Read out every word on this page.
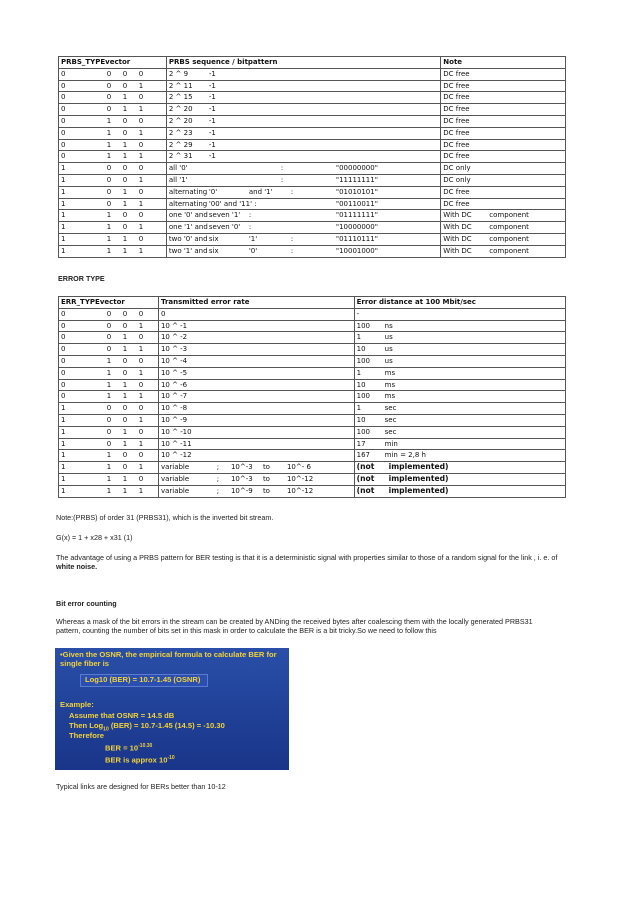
PRBS_TYPEvector	PRBS sequence / bitpattern	Note

0 0 0 0	2 ^ 9 -1	DC free

0 0 0 1	2 ^ 11 -1	DC free

0 0 1 0	2 ^ 15 -1	DC free

0 0 1 1	2 ^ 20 -1	DC free

0 1 0 0	2 ^ 20 -1	DC free

0 1 0 1	2 ^ 23 -1	DC free

0 1 1 0	2 ^ 29 -1	DC free

0 1 1 1	2 ^ 31 -1	DC free

1 0 0 0	all '0' : "00000000"	DC only

1 0 0 1	all '1' : "11111111"	DC only

1 0 1 0	alternating '0' and '1' : "01010101"	DC free

1 0 1 1	alternating '00' and '11' : "00110011"	DC free

1 1 0 0	one '0' and seven '1' : "01111111"	With DC component

1 1 0 1	one '1' and seven '0' : "10000000"	With DC component

1 1 1 0	two '0' and six '1' : "01110111"	With DC component

1 1 1 1	two '1' and six '0' : "10001000"	With DC component
ERROR TYPE
ERR_TYPEvector	Transmitted error rate	Error distance at 100 Mbit/sec

0 0 0 0	0	-

0 0 0 1	10 ^ -1	100 ns

0 0 1 0	10 ^ -2	1 us

0 0 1 1	10 ^ -3	10 us

0 1 0 0	10 ^ -4	100 us

0 1 0 1	10 ^ -5	1 ms

0 1 1 0	10 ^ -6	10 ms

0 1 1 1	10 ^ -7	100 ms

1 0 0 0	10 ^ -8	1 sec

1 0 0 1	10 ^ -9	10 sec

1 0 1 0	10 ^ -10	100 sec

1 0 1 1	10 ^ -11	17 min

1 1 0 0	10 ^ -12	167 min = 2,8 h

1 1 0 1	variable ; 10^-3 to 10^- 6	(not implemented)

1 1 1 0	variable ; 10^-3 to 10^-12	(not implemented)

1 1 1 1	variable ; 10^-9 to 10^-12	(not implemented)
Note:(PRBS) of order 31 (PRBS31), which is the inverted bit stream.
G(x) = 1 + x28 + x31 (1)
The advantage of using a PRBS pattern for BER testing is that it is a deterministic signal with properties similar to those of a random signal for the link , i. e. of
white noise.
Bit error counting
Whereas a mask of the bit errors in the stream can be created by ANDing the received bytes after coalescing them with the locally generated PRBS31
pattern, counting the number of bits set in this mask in order to calculate the BER is a bit tricky.So we need to follow this
•Given the OSNR, the empirical formula to calculate BER for
single fiber is
Log10 (BER) = 10.7-1.45 (OSNR)
Example:
Assume that OSNR = 14.5 dB
Then Log$_{10}$ (BER) = 10.7-1.45 (14.5) = -10.30
Therefore
BER = $10^{-10.30}$
BER is approx $10^{-10}$
Typical links are designed for BERs better than 10-12
